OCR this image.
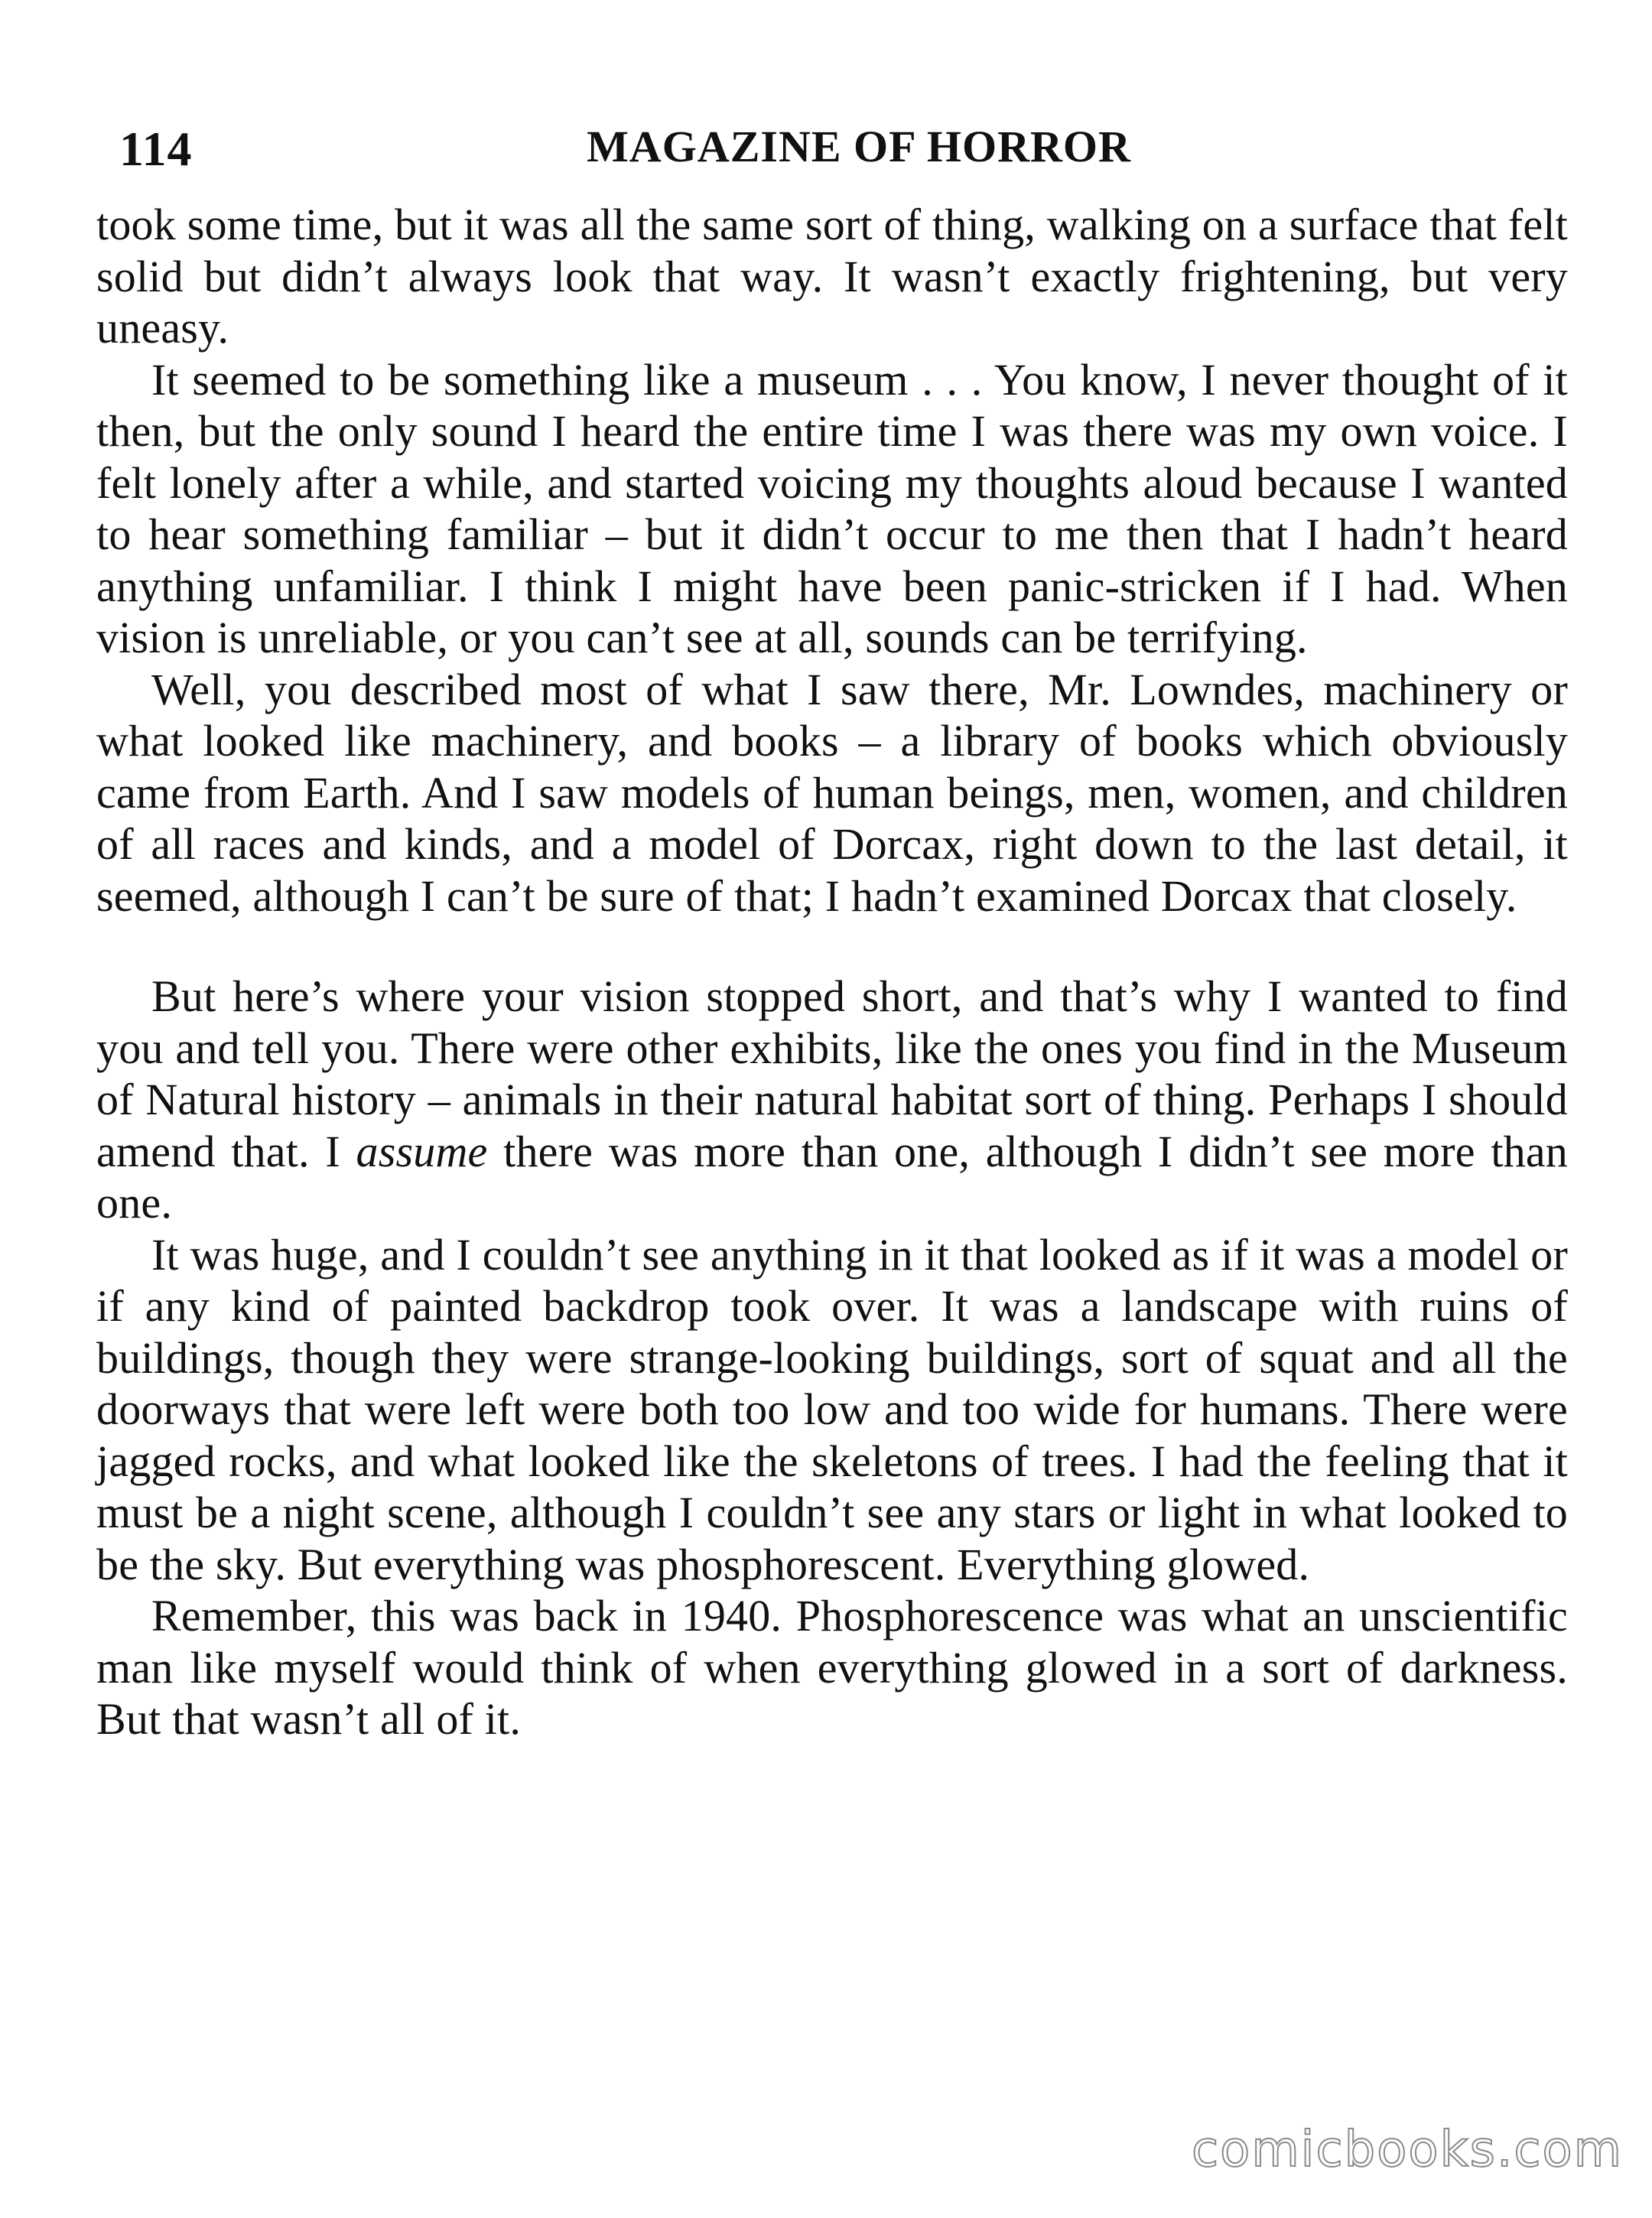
114	MAGAZINE OF HORROR

took some time, but it was all the same sort of thing, walking on a surface that felt solid but didn’t always look that way. It wasn’t exactly frightening, but very uneasy.

It seemed to be something like a museum . . . You know, I never thought of it then, but the only sound I heard the entire time I was there was my own voice. I felt lonely after a while, and started voicing my thoughts aloud because I wanted to hear something familiar – but it didn’t occur to me then that I hadn’t heard anything unfamiliar. I think I might have been panic-stricken if I had. When vision is unreliable, or you can’t see at all, sounds can be terrifying.

Well, you described most of what I saw there, Mr. Lowndes, machinery or what looked like machinery, and books – a library of books which obviously came from Earth. And I saw models of human beings, men, women, and children of all races and kinds, and a model of Dorcax, right down to the last detail, it seemed, although I can’t be sure of that; I hadn’t examined Dorcax that closely.

But here’s where your vision stopped short, and that’s why I wanted to find you and tell you. There were other exhibits, like the ones you find in the Museum of Natural history – animals in their natural habitat sort of thing. Perhaps I should amend that. I assume there was more than one, although I didn’t see more than one.

It was huge, and I couldn’t see anything in it that looked as if it was a model or if any kind of painted backdrop took over. It was a landscape with ruins of buildings, though they were strange-looking buildings, sort of squat and all the doorways that were left were both too low and too wide for humans. There were jagged rocks, and what looked like the skeletons of trees. I had the feeling that it must be a night scene, although I couldn’t see any stars or light in what looked to be the sky. But everything was phosphorescent. Everything glowed.

Remember, this was back in 1940. Phosphorescence was what an unscientific man like myself would think of when everything glowed in a sort of darkness. But that wasn’t all of it.

comicbooks.com
